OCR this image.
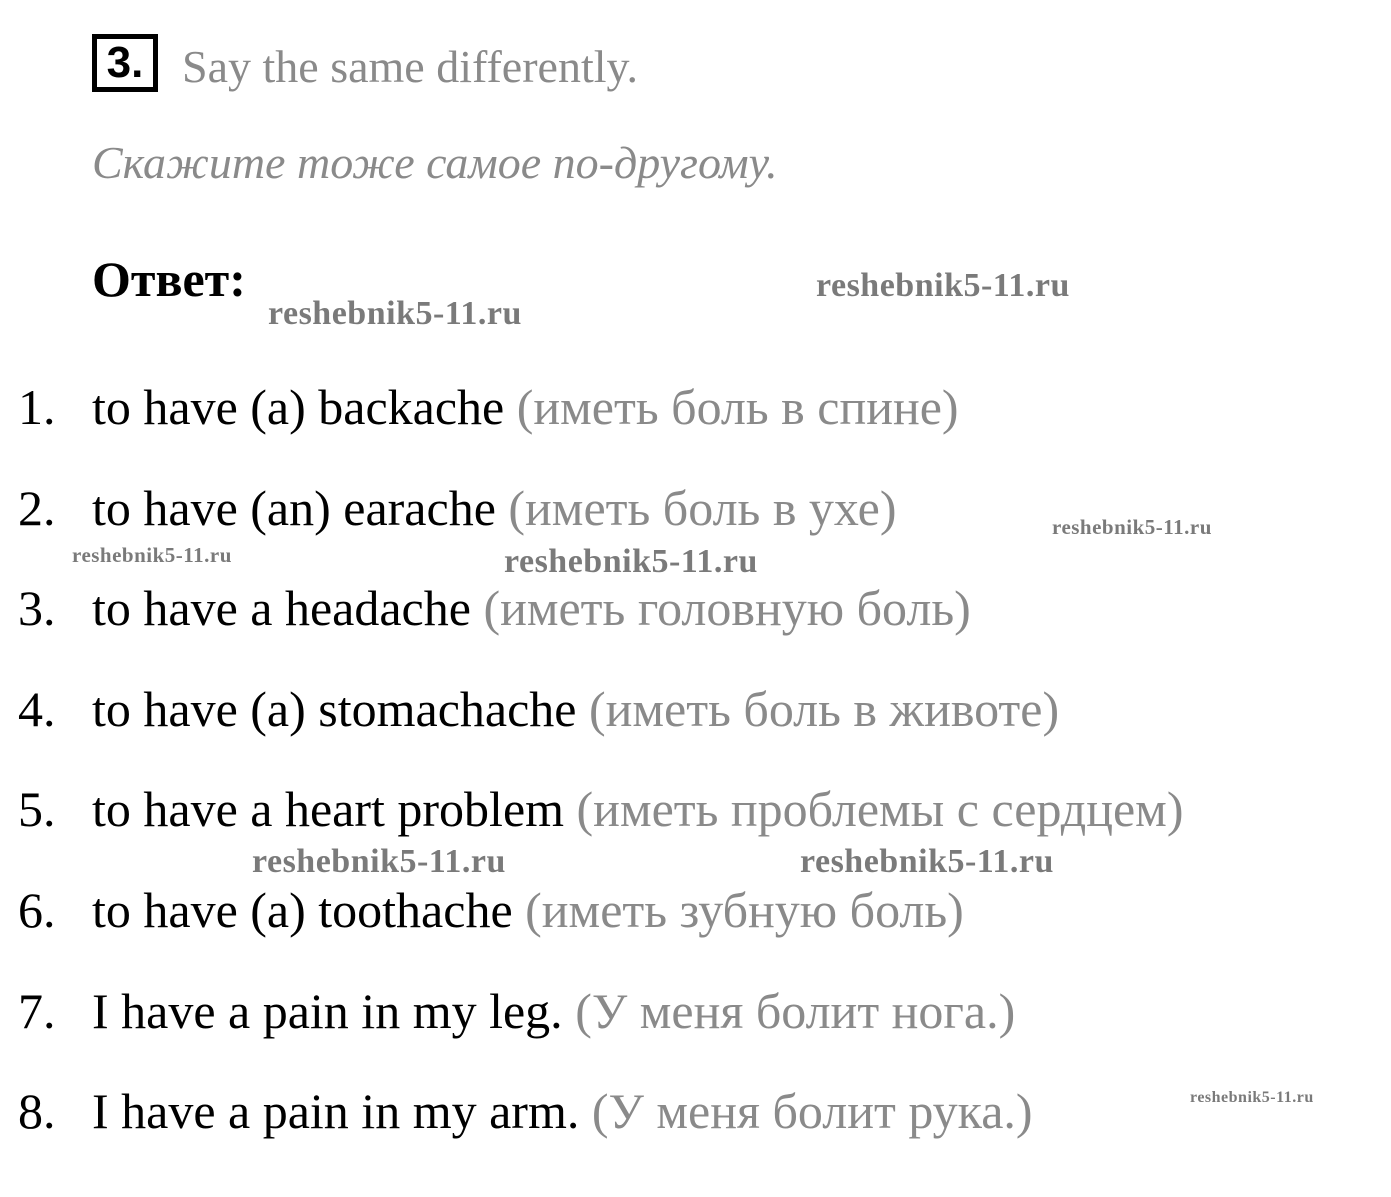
3. Say the same differently.
Скажите тоже самое по-другому.
Ответ:
1. to have (a) backache (иметь боль в спине)
2. to have (an) earache (иметь боль в ухе)
3. to have a headache (иметь головную боль)
4. to have (a) stomachache (иметь боль в животе)
5. to have a heart problem (иметь проблемы с сердцем)
6. to have (a) toothache (иметь зубную боль)
7. I have a pain in my leg. (У меня болит нога.)
8. I have a pain in my arm. (У меня болит рука.)
reshebnik5-11.ru
reshebnik5-11.ru
reshebnik5-11.ru
reshebnik5-11.ru	reshebnik5-11.ru
reshebnik5-11.ru	reshebnik5-11.ru
reshebnik5-11.ru
